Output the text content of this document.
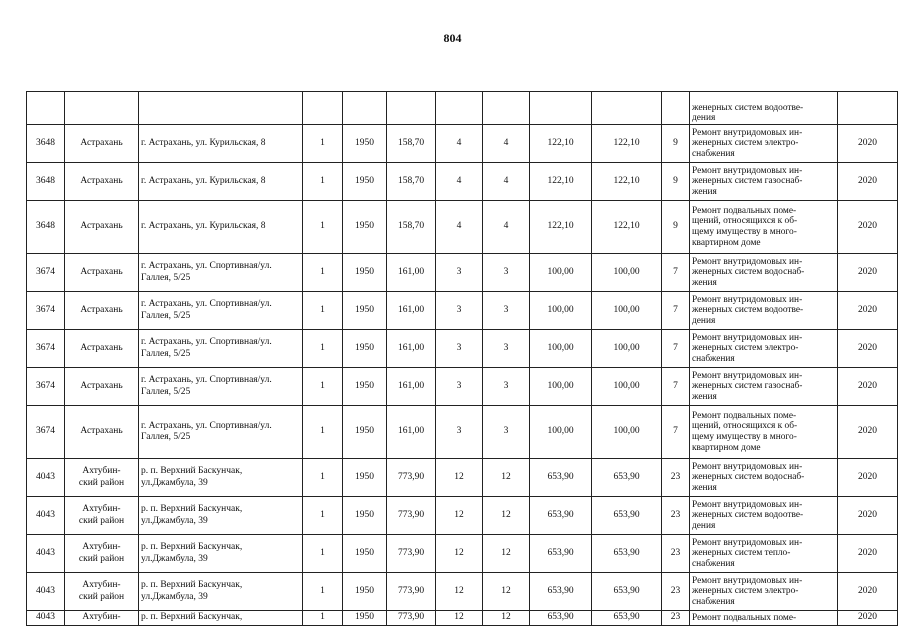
804

											женерных систем водоотве-
дения	

3648	Астрахань	г. Астрахань, ул. Курильская, 8	1	1950	158,70	4	4	122,10	122,10	9	Ремонт внутридомовых ин-
женерных систем электро-
снабжения	2020

3648	Астрахань	г. Астрахань, ул. Курильская, 8	1	1950	158,70	4	4	122,10	122,10	9	Ремонт внутридомовых ин-
женерных систем газоснаб-
жения	2020

3648	Астрахань	г. Астрахань, ул. Курильская, 8	1	1950	158,70	4	4	122,10	122,10	9	Ремонт подвальных поме-
щений, относящихся к об-
щему имуществу в много-
квартирном доме	2020

3674	Астрахань	г. Астрахань, ул. Спортивная/ул.
Галлея, 5/25	1	1950	161,00	3	3	100,00	100,00	7	Ремонт внутридомовых ин-
женерных систем водоснаб-
жения	2020

3674	Астрахань	г. Астрахань, ул. Спортивная/ул.
Галлея, 5/25	1	1950	161,00	3	3	100,00	100,00	7	Ремонт внутридомовых ин-
женерных систем водоотве-
дения	2020

3674	Астрахань	г. Астрахань, ул. Спортивная/ул.
Галлея, 5/25	1	1950	161,00	3	3	100,00	100,00	7	Ремонт внутридомовых ин-
женерных систем электро-
снабжения	2020

3674	Астрахань	г. Астрахань, ул. Спортивная/ул.
Галлея, 5/25	1	1950	161,00	3	3	100,00	100,00	7	Ремонт внутридомовых ин-
женерных систем газоснаб-
жения	2020

3674	Астрахань	г. Астрахань, ул. Спортивная/ул.
Галлея, 5/25	1	1950	161,00	3	3	100,00	100,00	7	Ремонт подвальных поме-
щений, относящихся к об-
щему имуществу в много-
квартирном доме	2020

4043	Ахтубин-
ский район	р. п. Верхний Баскунчак,
ул.Джамбула, 39	1	1950	773,90	12	12	653,90	653,90	23	Ремонт внутридомовых ин-
женерных систем водоснаб-
жения	2020

4043	Ахтубин-
ский район	р. п. Верхний Баскунчак,
ул.Джамбула, 39	1	1950	773,90	12	12	653,90	653,90	23	Ремонт внутридомовых ин-
женерных систем водоотве-
дения	2020

4043	Ахтубин-
ский район	р. п. Верхний Баскунчак,
ул.Джамбула, 39	1	1950	773,90	12	12	653,90	653,90	23	Ремонт внутридомовых ин-
женерных систем тепло-
снабжения	2020

4043	Ахтубин-
ский район	р. п. Верхний Баскунчак,
ул.Джамбула, 39	1	1950	773,90	12	12	653,90	653,90	23	Ремонт внутридомовых ин-
женерных систем электро-
снабжения	2020

4043	Ахтубин-	р. п. Верхний Баскунчак,	1	1950	773,90	12	12	653,90	653,90	23	Ремонт подвальных поме-	2020
